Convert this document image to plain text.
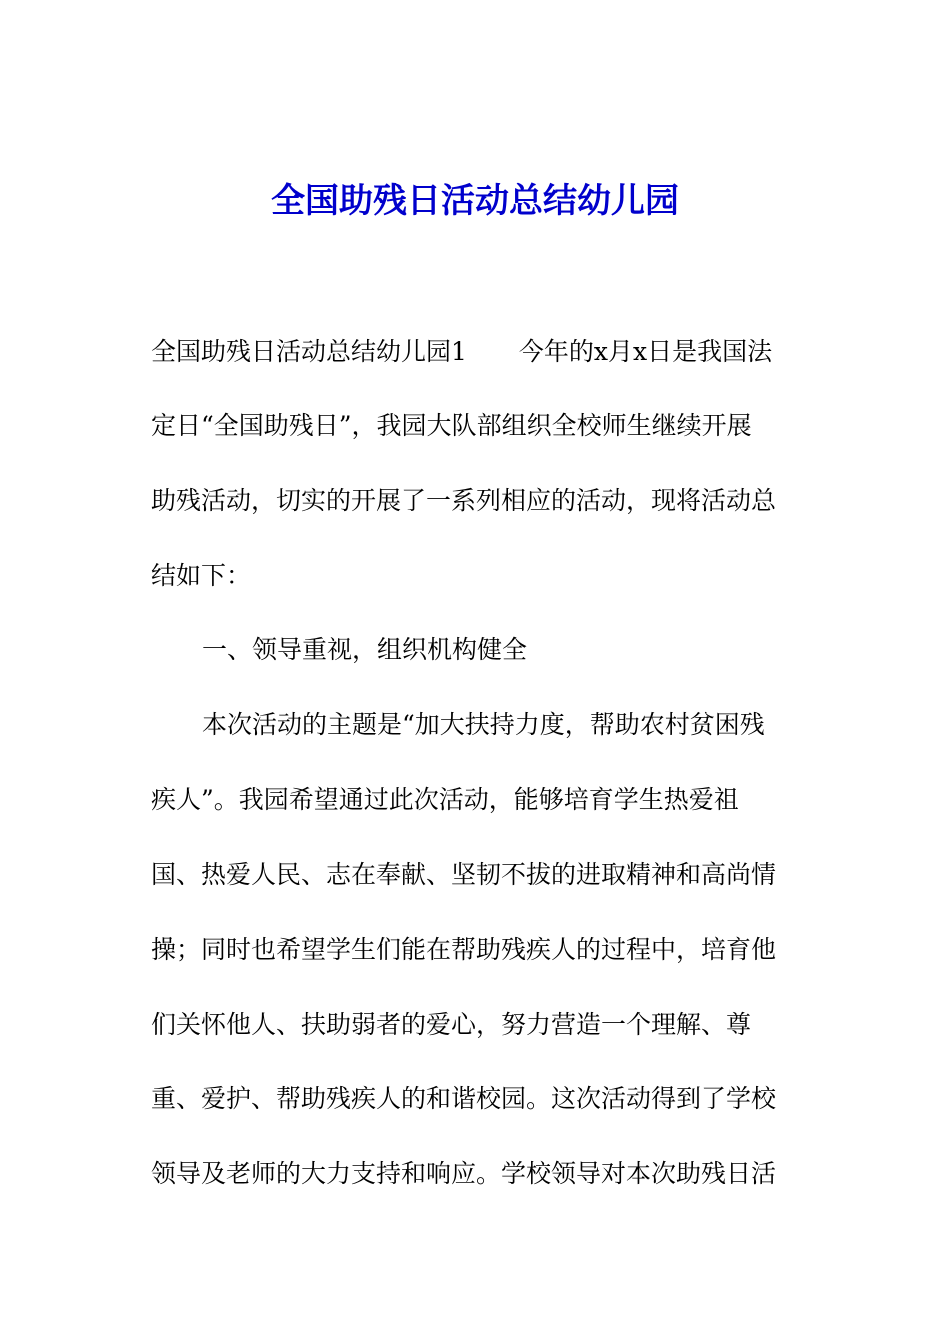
全国助残日活动总结幼儿园

全国助残日活动总结幼儿园1 今年的x月x日是我国法

定日“全国助残日”，我园大队部组织全校师生继续开展

助残活动，切实的开展了一系列相应的活动，现将活动总

结如下：

一、领导重视，组织机构健全

本次活动的主题是“加大扶持力度，帮助农村贫困残

疾人”。我园希望通过此次活动，能够培育学生热爱祖

国、热爱人民、志在奉献、坚韧不拔的进取精神和高尚情

操；同时也希望学生们能在帮助残疾人的过程中，培育他

们关怀他人、扶助弱者的爱心，努力营造一个理解、尊

重、爱护、帮助残疾人的和谐校园。这次活动得到了学校

领导及老师的大力支持和响应。学校领导对本次助残日活
